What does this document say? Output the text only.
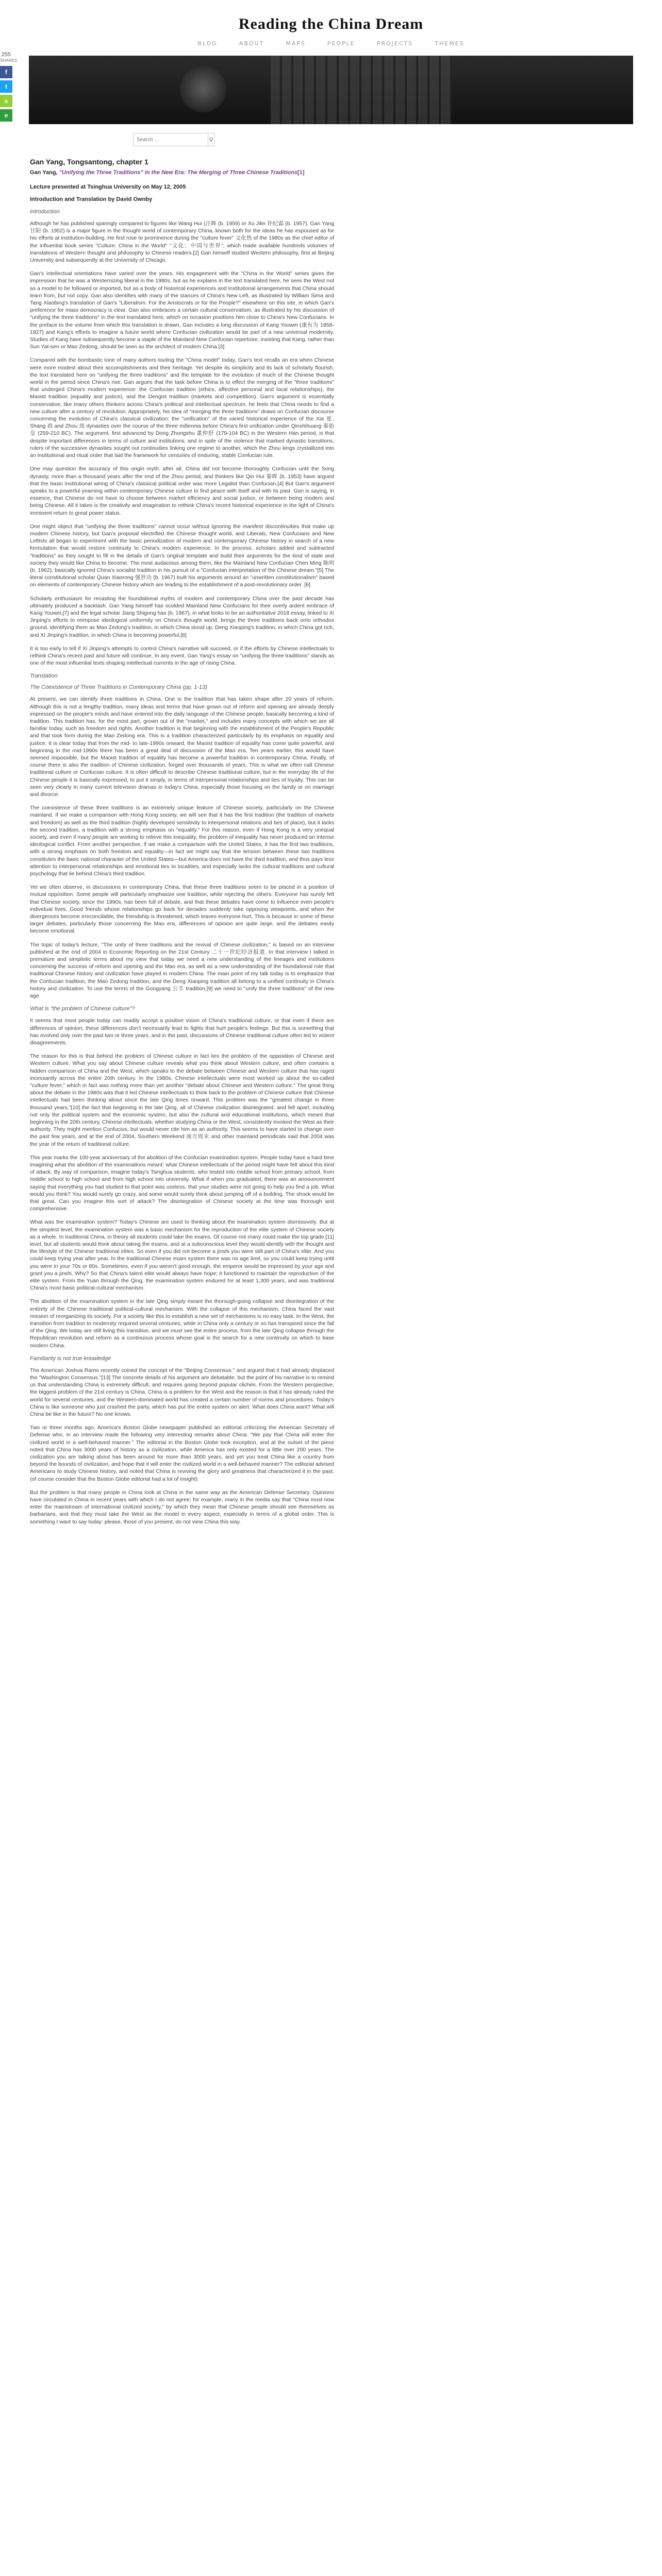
255
SHARES
f
t
s
e
Reading the China Dream
BLOG	ABOUT	MAPS	PEOPLE	PROJECTS	THEMES
Search ...
⚲
Gan Yang, Tongsantong, chapter 1

Gan Yang, "Unifying the Three Traditions" in the New Era: The Merging of Three Chinese Traditions[1]

Lecture presented at Tsinghua University on May 12, 2005

Introduction and Translation by David Ownby

Introduction

Although he has published sparingly compared to figures like Wang Hui (汪晖 (b. 1959) or Xu Jilin 许纪霖 (b. 1957), Gan Yang 甘阳 (b. 1952) is a major figure in the thought world of contemporary China, known both for the ideas he has espoused as for his efforts at institution-building. He first rose to prominence during the "culture fever" 文化热 of the 1980s as the chief editor of the influential book series "Culture: China in the World" "文化：中国与世界", which made available hundreds volumes of translations of Western thought and philosophy to Chinese readers.[2] Gan himself studied Western philosophy, first at Beijing University and subsequently at the University of Chicago.

Gan's intellectual orientations have varied over the years. His engagement with the "China in the World" series gives the impression that he was a Westernizing liberal in the 1980s, but as he explains in the text translated here, he sees the West not as a model to be followed or imported, but as a body of historical experiences and institutional arrangements that China should learn from, but not copy. Gan also identifies with many of the stances of China's New Left, as illustrated by William Sima and Tang Xiaobing's translation of Gan's "Liberalism: For the Aristocrats or for the People?" elsewhere on this site, in which Gan's preference for mass democracy is clear. Gan also embraces a certain cultural conservatism, as illustrated by his discussion of "unifying the three traditions" in the text translated here, which on occasion positions him close to China's New Confucians. In the preface to the volume from which this translation is drawn, Gan includes a long discussion of Kang Youwei (康有为 1858-1927) and Kang's efforts to imagine a future world where Confucian civilization would be part of a new universal modernity. Studies of Kang have subsequently become a staple of the Mainland New Confucian repertoire, insisting that Kang, rather than Sun Yat-sen or Mao Zedong, should be seen as the architect of modern China.[3]

Compared with the bombastic tone of many authors touting the "China model" today, Gan's text recalls an era when Chinese were more modest about their accomplishments and their heritage. Yet despite its simplicity and its lack of scholarly flourish, the text translated here on "unifying the three traditions" and the template for the evolution of much of the Chinese thought world in the period since China's rise. Gan argues that the task before China is to effect the merging of the "three traditions" that undergird China's modern experience: the Confucian tradition (ethics, affective personal and local relationships), the Maoist tradition (equality and justice), and the Dengist tradition (markets and competition). Gan's argument is essentially conservative, like many others thinkers across China's political and intellectual spectrum, he feels that China needs to find a new culture after a century of revolution. Appropriately, his idea of "merging the three traditions" draws on Confucian discourse concerning the evolution of China's classical civilization: the "unification" of the varied historical experience of the Xia 夏, Shang 商 and Zhou 周 dynasties over the course of the three millennia before China's first unification under Qinshihuang 秦始皇 (259-210 BC). The argument, first advanced by Dong Zhongshu 董仲舒 (179-104 BC) in the Western Han period, is that despite important differences in terms of culture and institutions, and in spite of the violence that marked dynastic transitions, rulers of the successive dynasties sought out continuities linking one regime to another, which the Zhou kings crystallized into an institutional and ritual order that laid the framework for centuries of enduring, stable Confucian rule.

One may question the accuracy of this origin myth: after all, China did not become thoroughly Confucian until the Song dynasty, more than a thousand years after the end of the Zhou period, and thinkers like Qin Hui 秦晖 (b. 1953) have argued that the basic institutional wiring of China's classical political order was more Legalist than Confucian.[4] But Gan's argument speaks to a powerful yearning within contemporary Chinese culture to find peace with itself and with its past. Gan is saying, in essence, that Chinese do not have to choose between market efficiency and social justice, or between being modern and being Chinese. All it takes is the creativity and imagination to rethink China's recent historical experience in the light of China's imminent return to great power status.

One might object that "unifying the three traditions" cannot occur without ignoring the manifest discontinuities that make up modern Chinese history, but Gan's proposal electrified the Chinese thought world, and Liberals, New Confucians and New Leftists all began to experiment with the basic periodization of modern and contemporary Chinese history in search of a new formulation that would restore continuity to China's modern experience. In the process, scholars added and subtracted "traditions" as they sought to fill in the details of Gan's original template and build their arguments for the kind of state and society they would like China to become. The most audacious among them, like the Mainland New Confucian Chen Ming 陈明 (b. 1962), basically ignored China's socialist tradition in his pursuit of a "Confucian interpretation of the Chinese dream."[5] The literal constitutional scholar Quan Xiaorong 强世功 (b. 1967) built his arguments around an "unwritten constitutionalism" based on elements of contemporary Chinese history which are leading to the establishment of a post-revolutionary order. [6]

Scholarly enthusiasm for recasting the foundational myths of modern and contemporary China over the past decade has ultimately produced a backlash. Gan Yang himself has scolded Mainland New Confucians for their overly ardent embrace of Kang Youwei,[7] and the legal scholar Jiang Shigong has (b. 1967), in what looks to be an authoritative 2018 essay, linked to Xi Jinping's efforts to reimpose ideological uniformity on China's thought world, brings the three traditions back onto orthodox ground, identifying them as Mao Zedong's tradition, in which China stood up, Deng Xiaoping's tradition, in which China got rich, and Xi Jinping's tradition, in which China is becoming powerful.[8]

It is too early to tell if Xi Jinping's attempts to control China's narrative will succeed, or if the efforts by Chinese intellectuals to rethink China's recent past and future will continue. In any event, Gan Yang's essay on "unifying the three traditions" stands as one of the most influential texts shaping intellectual currents in the age of rising China.

Translation

The Coexistence of Three Traditions in Contemporary China (pp. 1-13)

At present, we can identify three traditions in China. One is the tradition that has taken shape after 20 years of reform. Although this is not a lengthy tradition, many ideas and terms that have grown out of reform and opening are already deeply impressed on the people's minds and have entered into the daily language of the Chinese people, basically becoming a kind of tradition. This tradition has, for the most part, grown out of the "market," and includes many concepts with which we are all familiar today, such as freedom and rights. Another tradition is that beginning with the establishment of the People's Republic and that took form during the Mao Zedong era. This is a tradition characterized particularly by its emphasis on equality and justice. It is clear today that from the mid- to late-1990s onward, the Maoist tradition of equality has come quite powerful, and beginning in the mid-1990s there has been a great deal of discussion of the Mao era. Ten years earlier, this would have seemed impossible, but the Maoist tradition of equality has become a powerful tradition in contemporary China. Finally, of course there is also the tradition of Chinese civilization, forged over thousands of years. This is what we often call Chinese traditional culture or Confucian culture. It is often difficult to describe Chinese traditional culture, but in the everyday life of the Chinese people it is basically expressed, to put it simply, in terms of interpersonal relationships and ties of loyalty. This can be seen very clearly in many current television dramas in today's China, especially those focusing on the family or on marriage and divorce.

The coexistence of these three traditions is an extremely unique feature of Chinese society, particularly on the Chinese mainland. If we make a comparison with Hong Kong society, we will see that it has the first tradition (the tradition of markets and freedom) as well as the third tradition (highly developed sensitivity to interpersonal relations and ties of place), but it lacks the second tradition, a tradition with a strong emphasis on "equality." For this reason, even if Hong Kong is a very unequal society, and even if many people are working to relieve this inequality, the problem of inequality has never produced an intense ideological conflict. From another perspective, if we make a comparison with the United States, it has the first two traditions, with a strong emphasis on both freedom and equality—in fact we might say that the tension between these two traditions constitutes the basic national character of the United States—but America does not have the third tradition, and thus pays less attention to interpersonal relationships and emotional ties to localities, and especially lacks the cultural traditions and cultural psychology that lie behind China's third tradition.

Yet we often observe, in discussions in contemporary China, that these three traditions seem to be placed in a position of mutual opposition. Some people will particularly emphasize one tradition, while rejecting the others. Everyone has surely felt that Chinese society, since the 1990s, has been full of debate, and that these debates have come to influence even people's individual lives. Good friends whose relationships go back for decades suddenly take opposing viewpoints, and when the divergences become irreconcilable, the friendship is threatened, which leaves everyone hurt. This is because in some of these larger debates, particularly those concerning the Mao era, differences of opinion are quite large, and the debates easily become emotional.

The topic of today's lecture, "The unity of three traditions and the revival of Chinese civilization," is based on an interview published at the end of 2004 in Economic Reporting on the 21st Century 二十一世纪经济报道. In that interview I talked in premature and simplistic terms about my view that today we need a new understanding of the lineages and institutions concerning the success of reform and opening and the Mao era, as well as a new understanding of the foundational role that traditional Chinese history and civilization have played in modern China. The main point of my talk today is to emphasize that the Confucian tradition, the Mao Zedong tradition, and the Deng Xiaoping tradition all belong to a unified continuity in China's history and civilization. To use the terms of the Gongyang 公羊 tradition,[9] we need to "unify the three traditions" of the new age.

What is "the problem of Chinese culture"?

It seems that most people today can readily accept a positive vision of China's traditional culture, or that even if there are differences of opinion, these differences don't necessarily lead to fights that hurt people's feelings. But this is something that has evolved only over the past two or three years, and in the past, discussions of Chinese traditional culture often led to violent disagreements.

The reason for this is that behind the problem of Chinese culture in fact lies the problem of the opposition of Chinese and Western culture. What you say about Chinese culture reveals what you think about Western culture, and often contains a hidden comparison of China and the West, which speaks to the debate between Chinese and Western culture that has raged incessantly across the entire 20th century. In the 1980s, Chinese intellectuals were most worked up about the so-called "culture fever," which in fact was nothing more than yet another "debate about Chinese and Western culture." The great thing about the debate in the 1980s was that it led Chinese intellectuals to think back to the problem of Chinese culture that Chinese intellectuals had been thinking about since the late Qing times onward. This problem was the "greatest change in three thousand years,"[10] the fact that beginning in the late Qing, all of Chinese civilization disintegrated, and fell apart, including not only the political system and the economic system, but also the cultural and educational institutions, which meant that beginning in the 20th century, Chinese intellectuals, whether studying China or the West, consistently invoked the West as their authority. They might mention Confucius, but would never cite him as an authority. This seems to have started to change over the past few years, and at the end of 2004, Southern Weekend 南方周末 and other mainland periodicals said that 2004 was the year of the return of traditional culture.

This year marks the 100-year anniversary of the abolition of the Confucian examination system. People today have a hard time imagining what the abolition of the examinations meant: what Chinese intellectuals of the period might have felt about this kind of attack. By way of comparison, imagine today's Tsinghua students, who tested into middle school from primary school, from middle school to high school and from high school into university. What if when you graduated, there was an announcement saying that everything you had studied to that point was useless, that your studies were not going to help you find a job. What would you think? You would surely go crazy, and some would surely think about jumping off of a building. The shock would be that great. Can you imagine this sort of attack? The disintegration of Chinese society at the time was thorough and comprehensive.

What was the examination system? Today's Chinese are used to thinking about the examination system dismissively. But at the simplest level, the examination system was a basic mechanism for the reproduction of the elite system of Chinese society as a whole. In traditional China, in theory all students could take the exams. Of course not many could make the top grade.[11] level, but all students would think about taking the exams, and at a subconscious level they would identify with the thought and the lifestyle of the Chinese traditional elites. So even if you did not become a jinshi you were still part of China's elite. And you could keep trying year after year. In the traditional Chinese exam system there was no age limit, so you could keep trying until you were in your 70s or 80s. Sometimes, even if you weren't good enough, the emperor would be impressed by your age and grant you a jinshi. Why? So that China's talent elite would always have hope; it functioned to maintain the reproduction of the elite system. From the Yuan through the Qing, the examination system endured for at least 1,300 years, and was traditional China's most basic political-cultural mechanism.

The abolition of the examination system in the late Qing simply meant the thorough-going collapse and disintegration of the entirety of the Chinese traditional political-cultural mechanism. With the collapse of this mechanism, China faced the vast mission of reorganizing its society. For a society like this to establish a new set of mechanisms is no easy task. In the West, the transition from tradition to modernity required several centuries, while in China only a century or so has transpired since the fall of the Qing. We today are still living this transition, and we must see the entire process, from the late Qing collapse through the Republican revolution and reform as a continuous process whose goal is the search for a new continuity on which to base modern China.

Familiarity is not true knowledge

The American Joshua Ramo recently coined the concept of the "Beijing Consensus," and argued that it had already displaced the "Washington Consensus."[13] The concrete details of his argument are debatable, but the point of his narrative is to remind us that understanding China is extremely difficult, and requires going beyond popular clichés. From the Western perspective, the biggest problem of the 21st century is China. China is a problem for the West and the reason is that it has already ruled the world for several centuries, and the Western-dominated world has created a certain number of norms and procedures. Today's China is like someone who just crashed the party, which has put the entire system on alert. What does China want? What will China be like in the future? No one knows.

Two or three months ago, America's Boston Globe newspaper published an editorial criticizing the American Secretary of Defense who, in an interview made the following very interesting remarks about China: "We pay that China will enter the civilized world in a well-behaved manner." The editorial in the Boston Globe took exception, and at the outset of the piece noted that China has 3000 years of history as a civilization, while America has only existed for a little over 200 years. The civilization you are talking about has been around for more than 3000 years, and yet you treat China like a country from beyond the bounds of civilization, and hope that it will enter the civilized world in a well-behaved manner? The editorial advised Americans to study Chinese history, and noted that China is reviving the glory and greatness that characterized it in the past. (of course consider that the Boston Globe editorial had a lot of insight)

But the problem is that many people in China look at China in the same way as the American Defense Secretary. Opinions have circulated in China in recent years with which I do not agree; for example, many in the media say that "China must now enter the mainstream of international civilized society," by which they mean that Chinese people should see themselves as barbarians, and that they must take the West as the model in every aspect, especially in terms of a global order. This is something I want to say today: please, those of you present, do not view China this way.
